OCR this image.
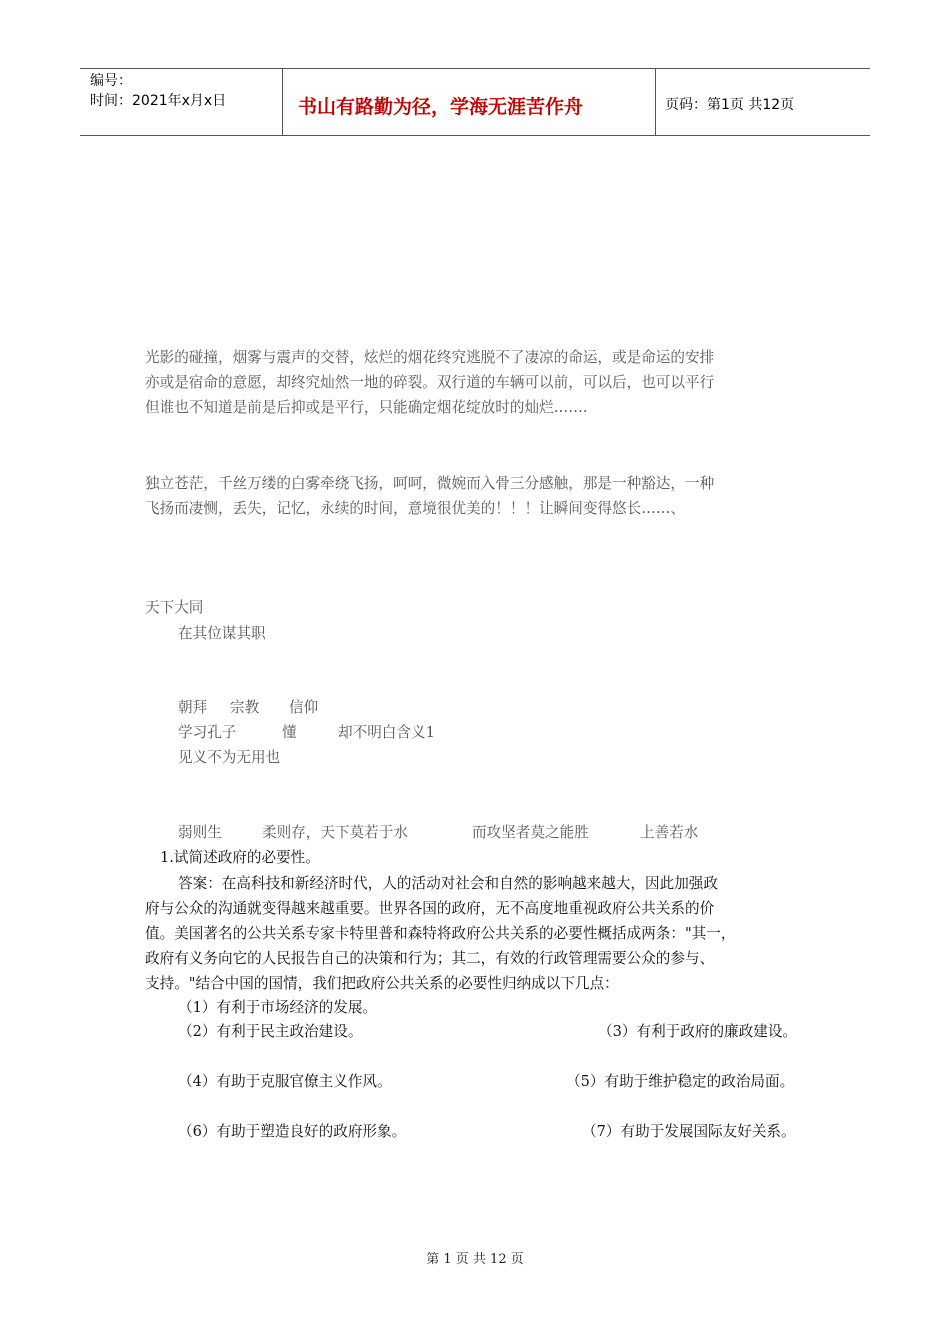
编号：
时间：2021年x月x日	书山有路勤为径，学海无涯苦作舟	页码：第1页 共12页
光影的碰撞，烟雾与震声的交替，炫烂的烟花终究逃脱不了凄凉的命运，或是命运的安排
亦或是宿命的意愿，却终究灿然一地的碎裂。双行道的车辆可以前，可以后，也可以平行
但谁也不知道是前是后抑或是平行，只能确定烟花绽放时的灿烂…….
独立苍茫，千丝万缕的白雾牵绕飞扬，呵呵，微婉而入骨三分感触，那是一种豁达，一种
飞扬而凄恻，丢失，记忆，永续的时间，意境很优美的！！！让瞬间变得悠长……、
天下大同
在其位谋其职
朝拜 宗教 信仰
学习孔子	懂	却不明白含义1
见义不为无用也
弱则生	柔则存，天下莫若于水	而攻坚者莫之能胜	上善若水
1.试简述政府的必要性。
答案：在高科技和新经济时代，人的活动对社会和自然的影响越来越大，因此加强政
府与公众的沟通就变得越来越重要。世界各国的政府，无不高度地重视政府公共关系的价
值。美国著名的公共关系专家卡特里普和森特将政府公共关系的必要性概括成两条："其一，
政府有义务向它的人民报告自己的决策和行为；其二，有效的行政管理需要公众的参与、
支持。"结合中国的国情，我们把政府公共关系的必要性归纳成以下几点：
（1）有利于市场经济的发展。
（2）有利于民主政治建设。	（3）有利于政府的廉政建设。
（4）有助于克服官僚主义作风。	（5）有助于维护稳定的政治局面。
（6）有助于塑造良好的政府形象。	（7）有助于发展国际友好关系。
第 1 页 共 12 页
